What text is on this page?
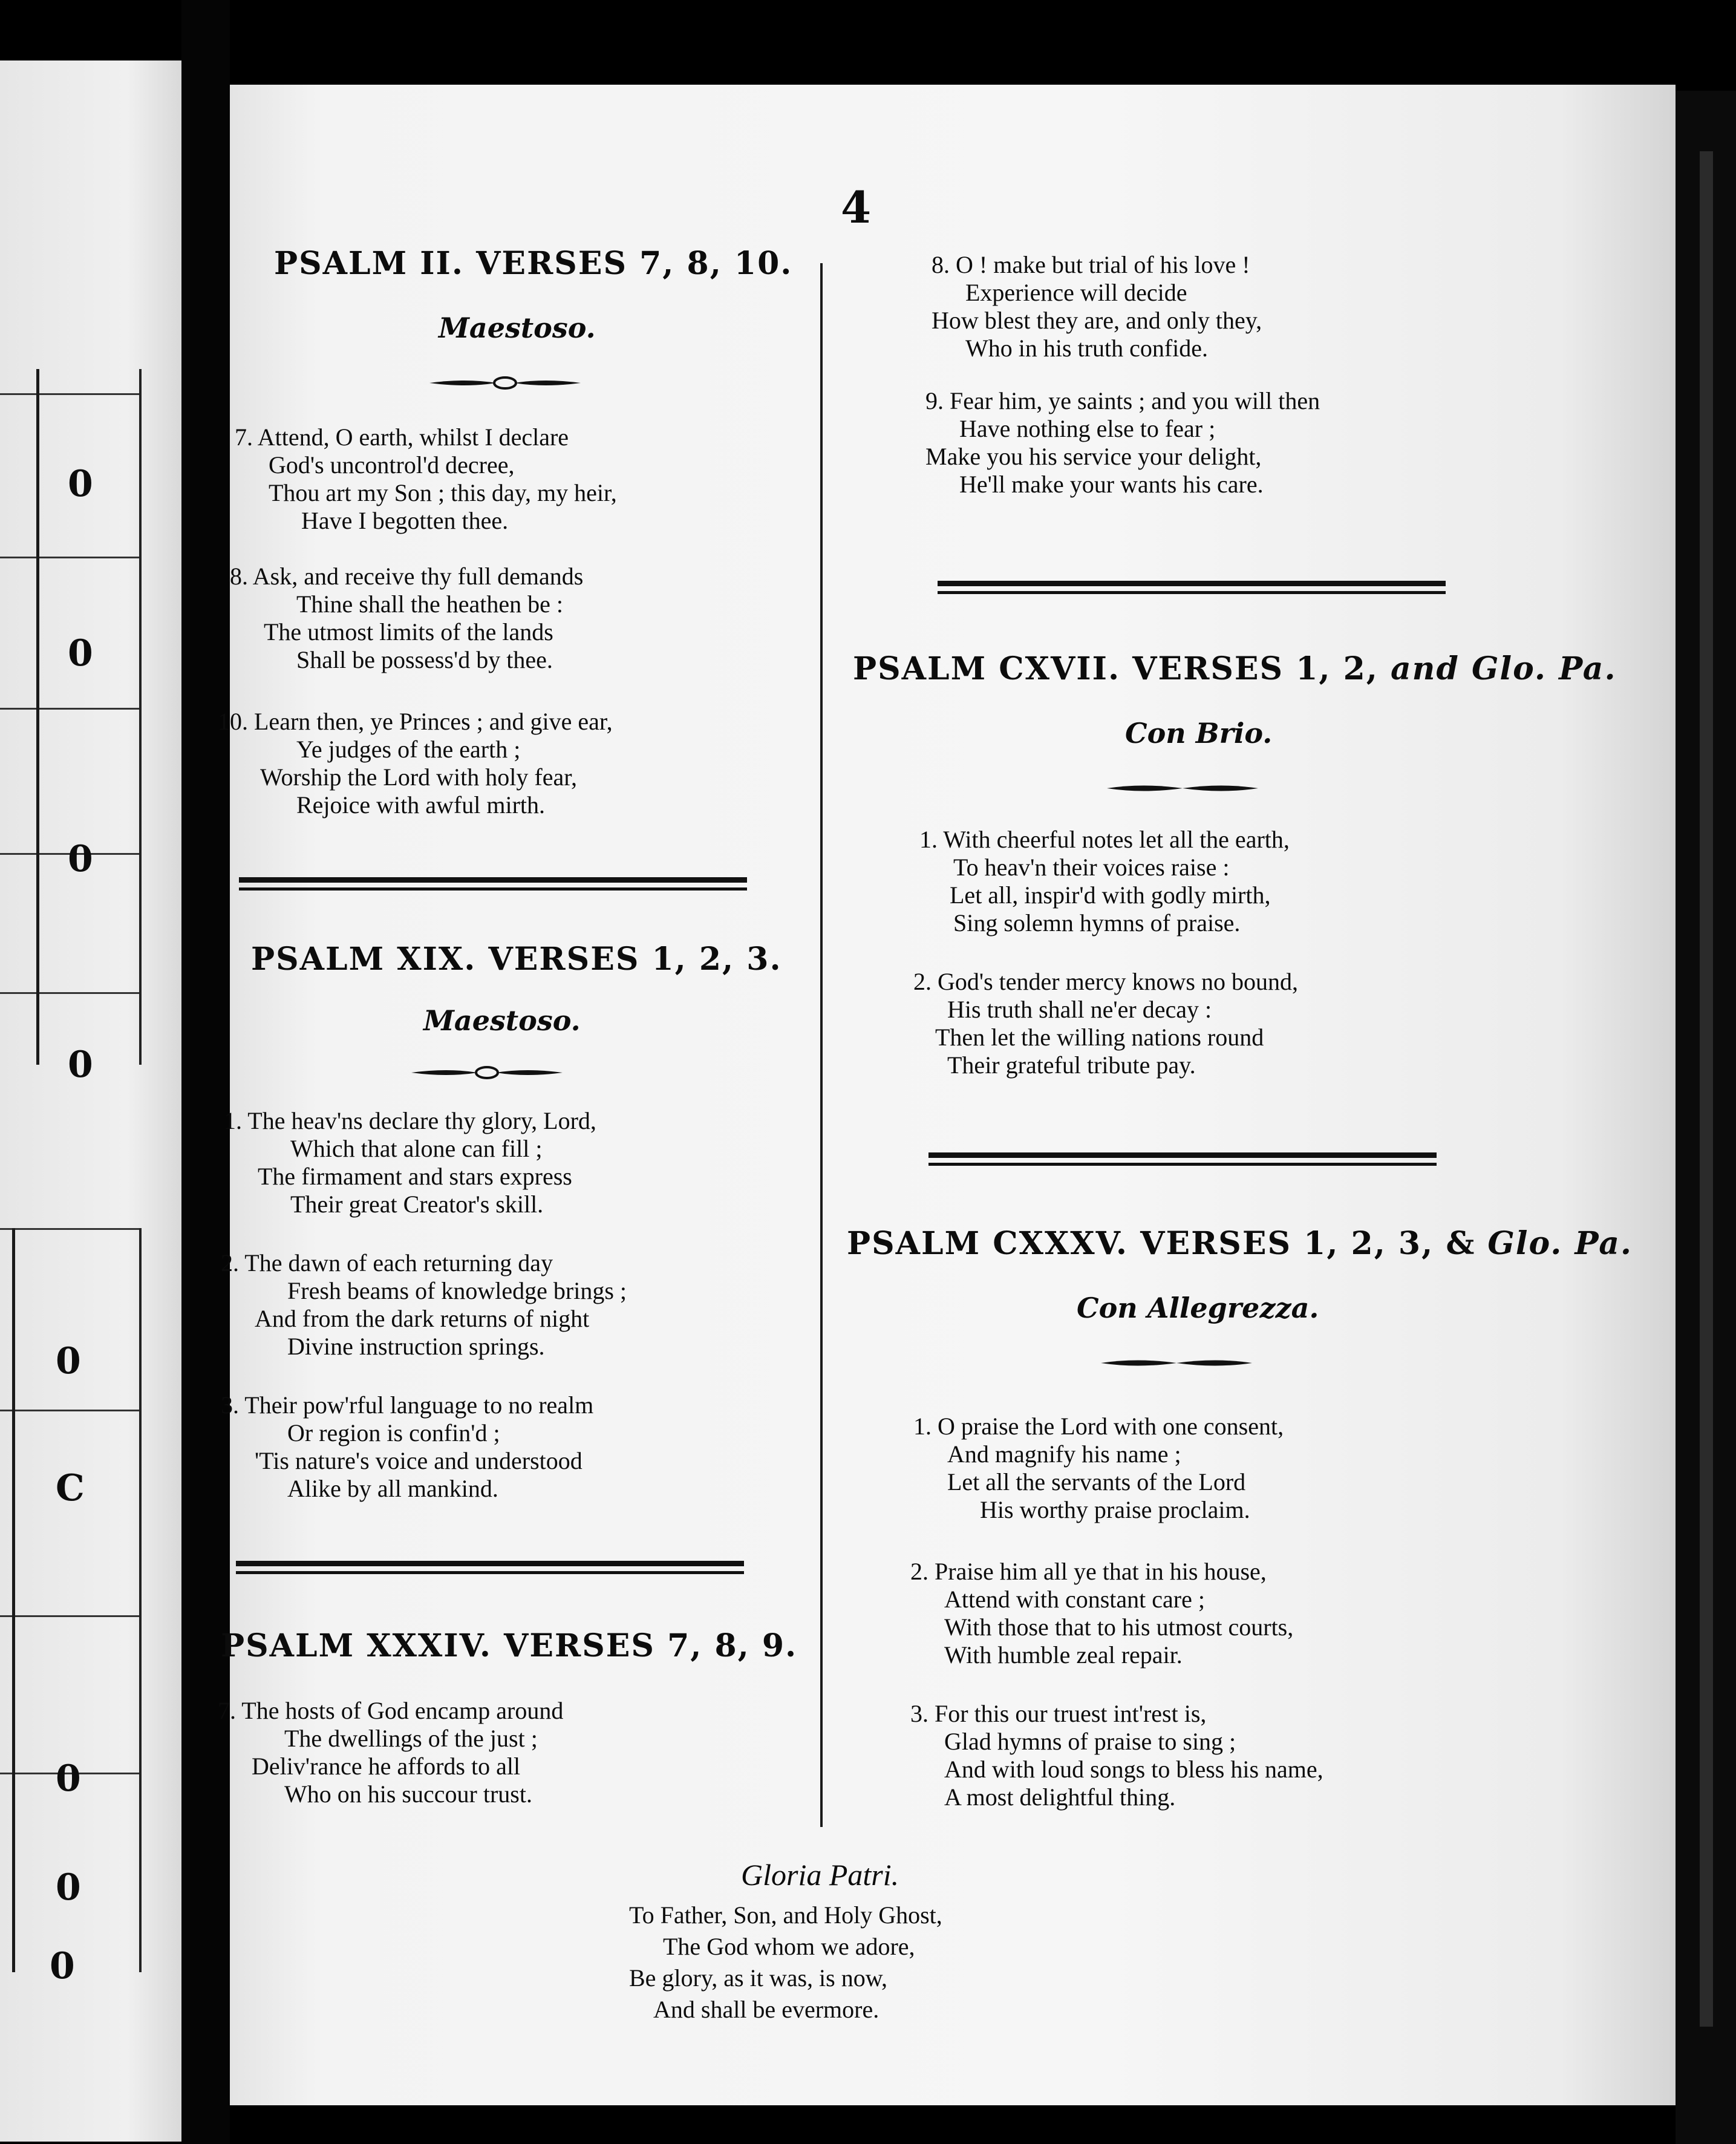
0
0
0
0
0
C
0
0
0
4
PSALM II. VERSES 7, 8, 10.
Maestoso.
7. Attend, O earth, whilst I declare
God's uncontrol'd decree,
Thou art my Son ; this day, my heir,
Have I begotten thee.
8. Ask, and receive thy full demands
Thine shall the heathen be :
The utmost limits of the lands
Shall be possess'd by thee.
10. Learn then, ye Princes ; and give ear,
Ye judges of the earth ;
Worship the Lord with holy fear,
Rejoice with awful mirth.
PSALM XIX. VERSES 1, 2, 3.
Maestoso.
1. The heav'ns declare thy glory, Lord,
Which that alone can fill ;
The firmament and stars express
Their great Creator's skill.
2. The dawn of each returning day
Fresh beams of knowledge brings ;
And from the dark returns of night
Divine instruction springs.
3. Their pow'rful language to no realm
Or region is confin'd ;
'Tis nature's voice and understood
Alike by all mankind.
PSALM XXXIV. VERSES 7, 8, 9.
7. The hosts of God encamp around
The dwellings of the just ;
Deliv'rance he affords to all
Who on his succour trust.
8. O ! make but trial of his love !
Experience will decide
How blest they are, and only they,
Who in his truth confide.
9. Fear him, ye saints ; and you will then
Have nothing else to fear ;
Make you his service your delight,
He'll make your wants his care.
PSALM CXVII. VERSES 1, 2, and Glo. Pa.
Con Brio.
1. With cheerful notes let all the earth,
To heav'n their voices raise :
Let all, inspir'd with godly mirth,
Sing solemn hymns of praise.
2. God's tender mercy knows no bound,
His truth shall ne'er decay :
Then let the willing nations round
Their grateful tribute pay.
PSALM CXXXV. VERSES 1, 2, 3, & Glo. Pa.
Con Allegrezza.
1. O praise the Lord with one consent,
And magnify his name ;
Let all the servants of the Lord
His worthy praise proclaim.
2. Praise him all ye that in his house,
Attend with constant care ;
With those that to his utmost courts,
With humble zeal repair.
3. For this our truest int'rest is,
Glad hymns of praise to sing ;
And with loud songs to bless his name,
A most delightful thing.
Gloria Patri.
To Father, Son, and Holy Ghost,
The God whom we adore,
Be glory, as it was, is now,
And shall be evermore.
